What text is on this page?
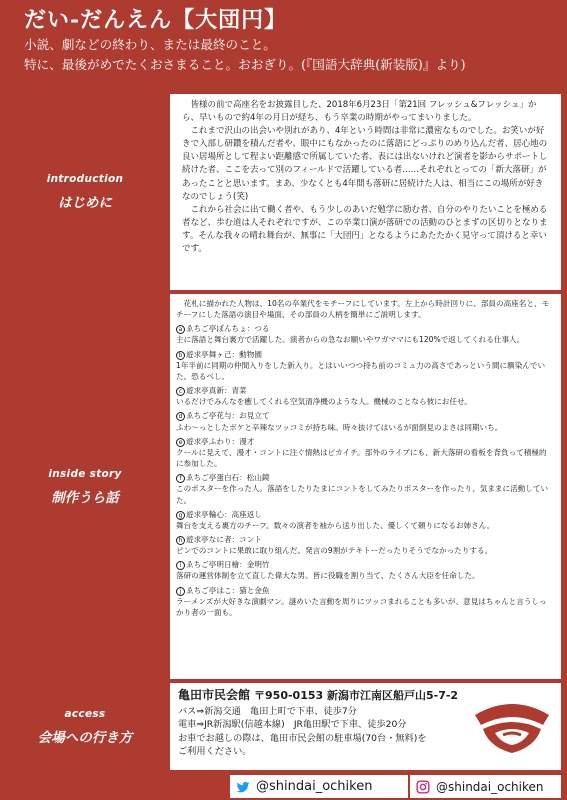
だい-だんえん【大団円】
小説、劇などの終わり、または最終のこと。
特に、最後がめでたくおさまること。おおぎり。(『国語大辞典(新装版)』より)
introduction
はじめに

皆様の前で高座名をお披露目した、2018年6月23日「第21回 フレッシュ&フレッシュ」から、早いもので約4年の月日が経ち、もう卒業の時期がやってまいりました。

これまで沢山の出会いや別れがあり、4年という時間は非常に濃密なものでした。お笑いが好きで入部し研鑽を積んだ者や、眼中にもなかったのに落語にどっぷりのめり込んだ者、居心地の良い居場所として程よい距離感で所属していた者、表には出ないけれど演者を影からサポートし続けた者、ここを去って別のフィールドで活躍している者……それぞれとっての「新大落研」があったことと思います。まあ、少なくとも4年間も落研に居続けた人は、相当にこの場所が好きなのでしょう(笑)

これから社会に出て働く者や、もう少しのあいだ勉学に励む者、自分のやりたいことを極める者など、歩む道は人それぞれですが、この卒業口演が落研での活動のひとまずの区切りとなります。そんな我々の晴れ舞台が、無事に「大団円」となるようにあたたかく見守って頂けると幸いです。

inside story
制作うら話
花札に描かれた人物は、10名の卒業代をモチーフにしています。左上から時計回りに、部員の高座名と、モチーフにした落語の演目や場面、その部員の人柄を簡単にご説明します。
a ゑちご亭ぼんちょ：つる
主に落語と舞台裏方で活躍した。演者からの急なお願いやワガママにも120%で返してくれる仕事人。
b 遊求亭舞ヶ己：動物園
1年半前に同期の仲間入りをした新入り。とはいいつつ持ち前のコミュ力の高さであっという間に馴染んでいた。恐るべし。
c 遊求亭真新：青菜
いるだけでみんなを癒してくれる空気清浄機のような人。機械のことなら彼にお任せ。
d ゑちご亭花与：お見立て
ふわ〜っとしたボケと辛辣なツッコミが持ち味。時々抜けてはいるが面倒見のよさは同期いち。
e 遊求亭ふわり：漫才
クールに見えて、漫才・コントに注ぐ情熱はピカイチ。部外のライブにも、新大落研の看板を背負って積極的に参加した。
f ゑちご亭蛋白石：松山鏡
このポスターを作った人。落語をしたりたまにコントをしてみたりポスターを作ったり、気ままに活動していた。
g 遊求亭輪心：高座返し
舞台を支える裏方のチーフ。数々の演者を袖から送り出した、優しくて頼りになるお姉さん。
h 遊求亭なに者：コント
ピンでのコントに果敢に取り組んだ。発言の9割がテキトーだったりそうでなかったりする。
i ゑちご亭明日檜：金明竹
落研の運営体制を立て直した偉大な男。皆に役職を割り当て、たくさん大臣を任命した。
j ゑちご亭はこ：猫と金魚
ラーメンズが大好きな演劇マン。謎めいた言動を周りにツッコまれることも多いが、意見はちゃんと言うしっかり者の一面も。
access
会場への行き方
亀田市民会館 〒950-0153 新潟市江南区船戸山5-7-2
バス⇒新潟交通　亀田上町で下車、徒歩7分
電車⇒JR新潟駅(信越本線)　JR亀田駅で下車、徒歩20分
お車でお越しの際は、亀田市民会館の駐車場(70台・無料)を
ご利用ください。
@shindai_ochiken	@shindai_ochiken
